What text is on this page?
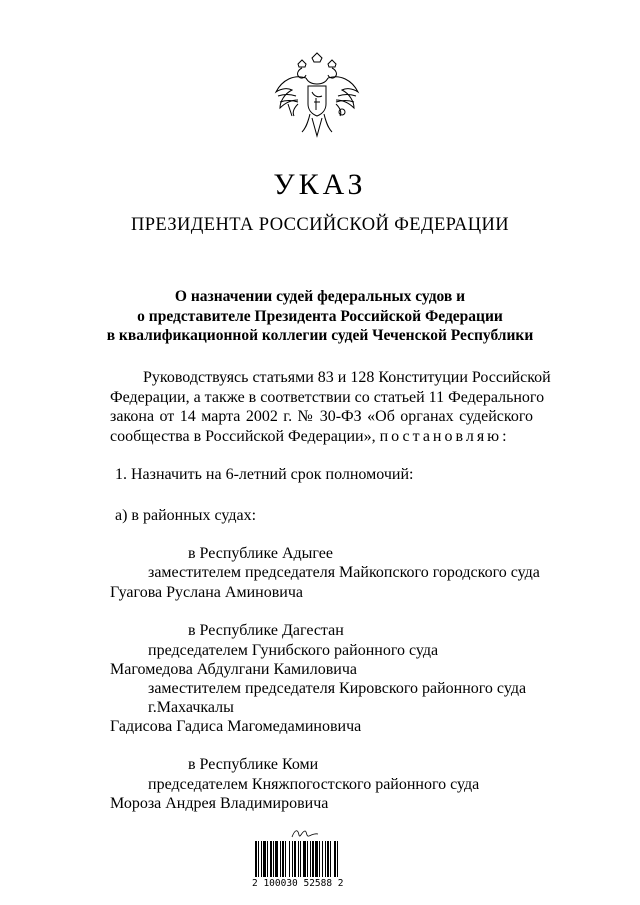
УКАЗ
ПРЕЗИДЕНТА РОССИЙСКОЙ ФЕДЕРАЦИИ
О назначении судей федеральных судов и
о представителе Президента Российской Федерации
в квалификационной коллегии судей Чеченской Республики
Руководствуясь статьями 83 и 128 Конституции Российской
Федерации, а также в соответствии со статьей 11 Федерального
закона от 14 марта 2002 г. № 30-ФЗ «Об органах судейского
сообщества в Российской Федерации», постановляю:
1. Назначить на 6-летний срок полномочий:
а) в районных судах:
в Республике Адыгее
заместителем председателя Майкопского городского суда
Гуагова Руслана Аминовича
в Республике Дагестан
председателем Гунибского районного суда
Магомедова Абдулгани Камиловича
заместителем председателя Кировского районного суда
г.Махачкалы
Гадисова Гадиса Магомедаминовича
в Республике Коми
председателем Княжпогостского районного суда
Мороза Андрея Владимировича
2 100030 52588 2
